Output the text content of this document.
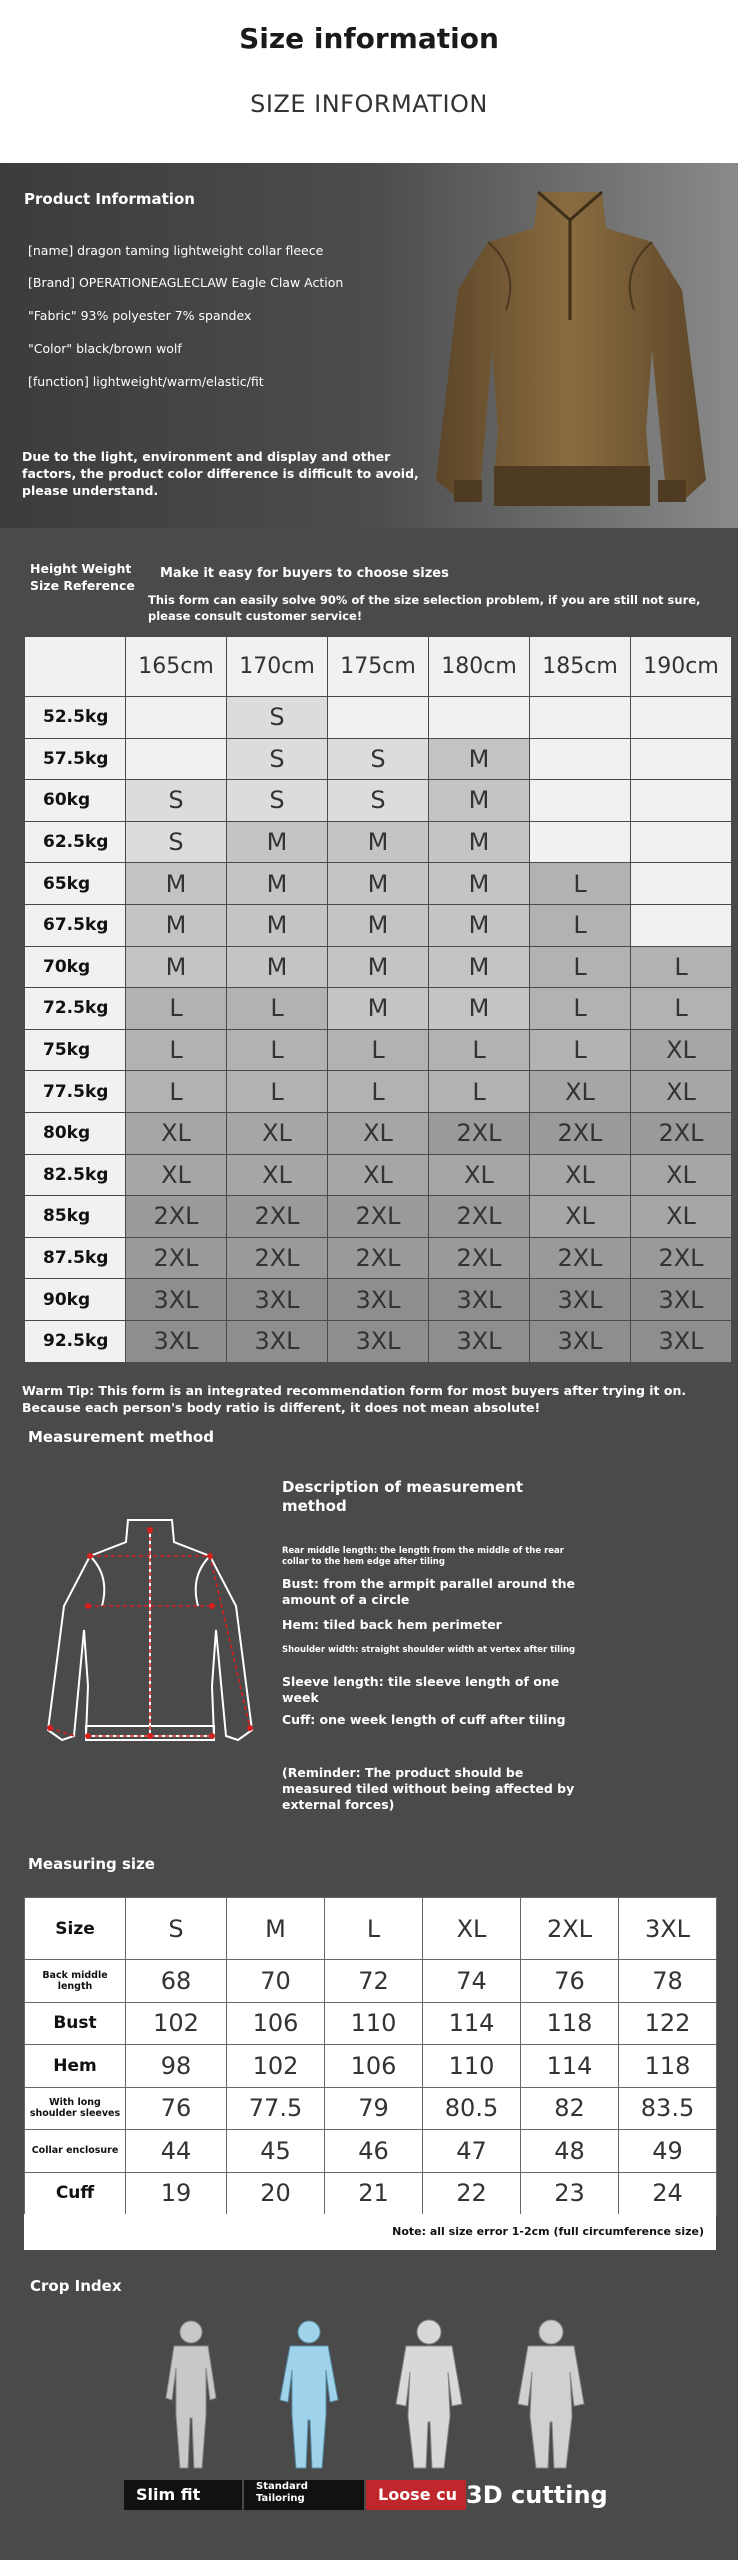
Size information
SIZE INFORMATION
Product Information
[name] dragon taming lightweight collar fleece
[Brand] OPERATIONEAGLECLAW Eagle Claw Action
"Fabric" 93% polyester 7% spandex
"Color" black/brown wolf
[function] lightweight/warm/elastic/fit
Due to the light, environment and display and other factors, the product color difference is difficult to avoid, please understand.
Height Weight Size Reference
Make it easy for buyers to choose sizes
This form can easily solve 90% of the size selection problem, if you are still not sure, please consult customer service!
	165cm	170cm	175cm	180cm	185cm	190cm
52.5kg		S				
57.5kg		S	S	M		
60kg	S	S	S	M		
62.5kg	S	M	M	M		
65kg	M	M	M	M	L	
67.5kg	M	M	M	M	L	
70kg	M	M	M	M	L	L
72.5kg	L	L	M	M	L	L
75kg	L	L	L	L	L	XL
77.5kg	L	L	L	L	XL	XL
80kg	XL	XL	XL	2XL	2XL	2XL
82.5kg	XL	XL	XL	XL	XL	XL
85kg	2XL	2XL	2XL	2XL	XL	XL
87.5kg	2XL	2XL	2XL	2XL	2XL	2XL
90kg	3XL	3XL	3XL	3XL	3XL	3XL
92.5kg	3XL	3XL	3XL	3XL	3XL	3XL
Warm Tip: This form is an integrated recommendation form for most buyers after trying it on. Because each person's body ratio is different, it does not mean absolute!
Measurement method
Description of measurement method
Rear middle length: the length from the middle of the rear collar to the hem edge after tiling
Bust: from the armpit parallel around the amount of a circle
Hem: tiled back hem perimeter
Shoulder width: straight shoulder width at vertex after tiling
Sleeve length: tile sleeve length of one week
Cuff: one week length of cuff after tiling
(Reminder: The product should be measured tiled without being affected by external forces)
Measuring size
Size	S	M	L	XL	2XL	3XL
Back middle length	68	70	72	74	76	78
Bust	102	106	110	114	118	122
Hem	98	102	106	110	114	118
With long shoulder sleeves	76	77.5	79	80.5	82	83.5
Collar enclosure	44	45	46	47	48	49
Cuff	19	20	21	22	23	24
Note: all size error 1-2cm (full circumference size)
Crop Index
Slim fit	Standard Tailoring	Loose cu 3D cutting
